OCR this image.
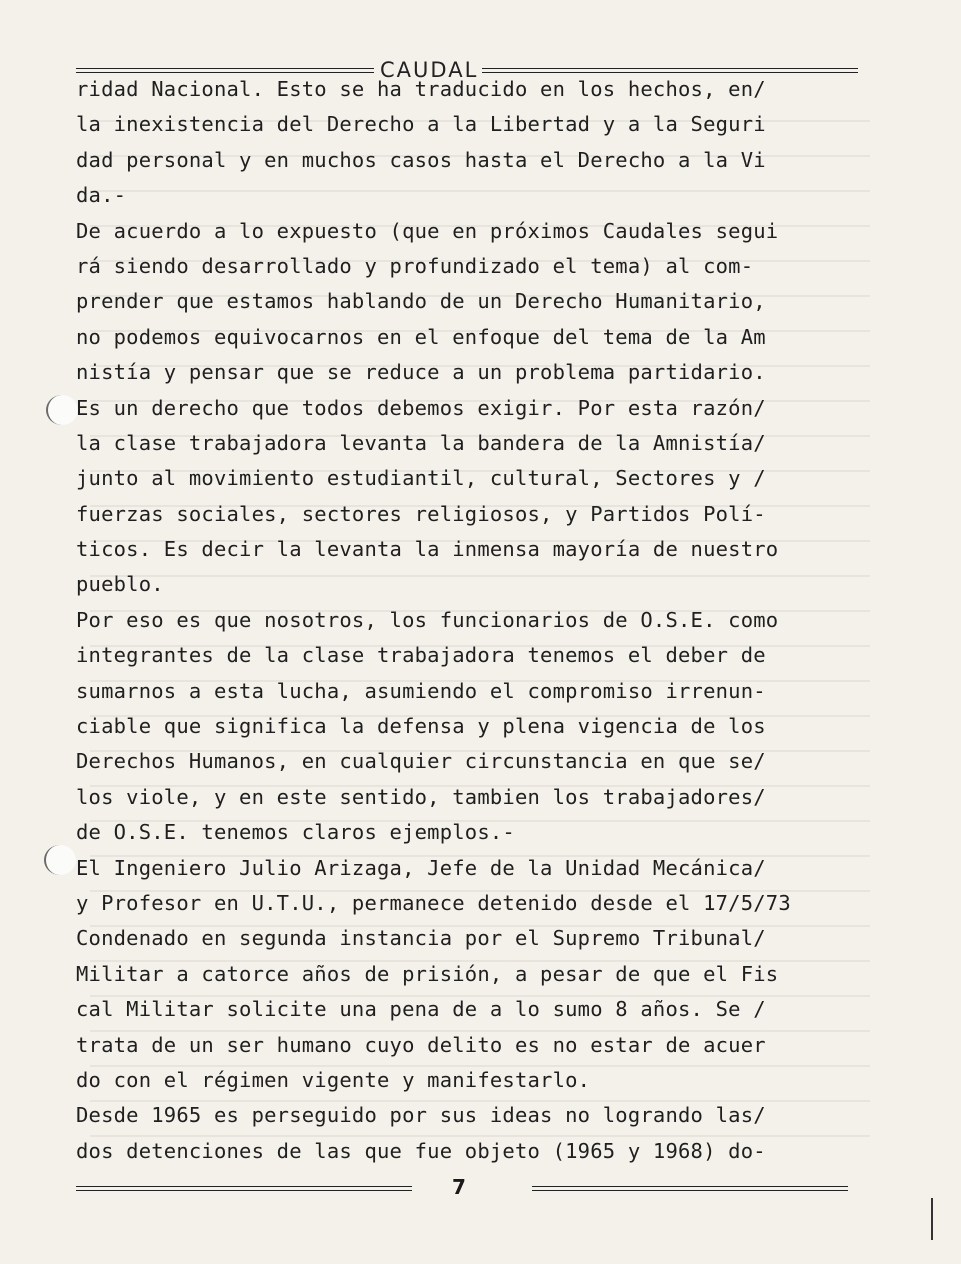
CAUDAL
ridad Nacional. Esto se ha traducido en los hechos, en/
la inexistencia del Derecho a la Libertad y a la Seguri
dad personal y en muchos casos hasta el Derecho a la Vi
da.-
De acuerdo a lo expuesto (que en próximos Caudales segui
rá siendo desarrollado y profundizado el tema) al com-
prender que estamos hablando de un Derecho Humanitario,
no podemos equivocarnos en el enfoque del tema de la Am
nistía y pensar que se reduce a un problema partidario.
Es un derecho que todos debemos exigir. Por esta razón/
la clase trabajadora levanta la bandera de la Amnistía/
junto al movimiento estudiantil, cultural, Sectores y /
fuerzas sociales, sectores religiosos, y Partidos Polí-
ticos. Es decir la levanta la inmensa mayoría de nuestro
pueblo.
Por eso es que nosotros, los funcionarios de O.S.E. como
integrantes de la clase trabajadora tenemos el deber de
sumarnos a esta lucha, asumiendo el compromiso irrenun-
ciable que significa la defensa y plena vigencia de los
Derechos Humanos, en cualquier circunstancia en que se/
los viole, y en este sentido, tambien los trabajadores/
de O.S.E. tenemos claros ejemplos.-
El Ingeniero Julio Arizaga, Jefe de la Unidad Mecánica/
y Profesor en U.T.U., permanece detenido desde el 17/5/73
Condenado en segunda instancia por el Supremo Tribunal/
Militar a catorce años de prisión, a pesar de que el Fis
cal Militar solicite una pena de a lo sumo 8 años. Se /
trata de un ser humano cuyo delito es no estar de acuer
do con el régimen vigente y manifestarlo.
Desde 1965 es perseguido por sus ideas no logrando las/
dos detenciones de las que fue objeto (1965 y 1968) do-
7
